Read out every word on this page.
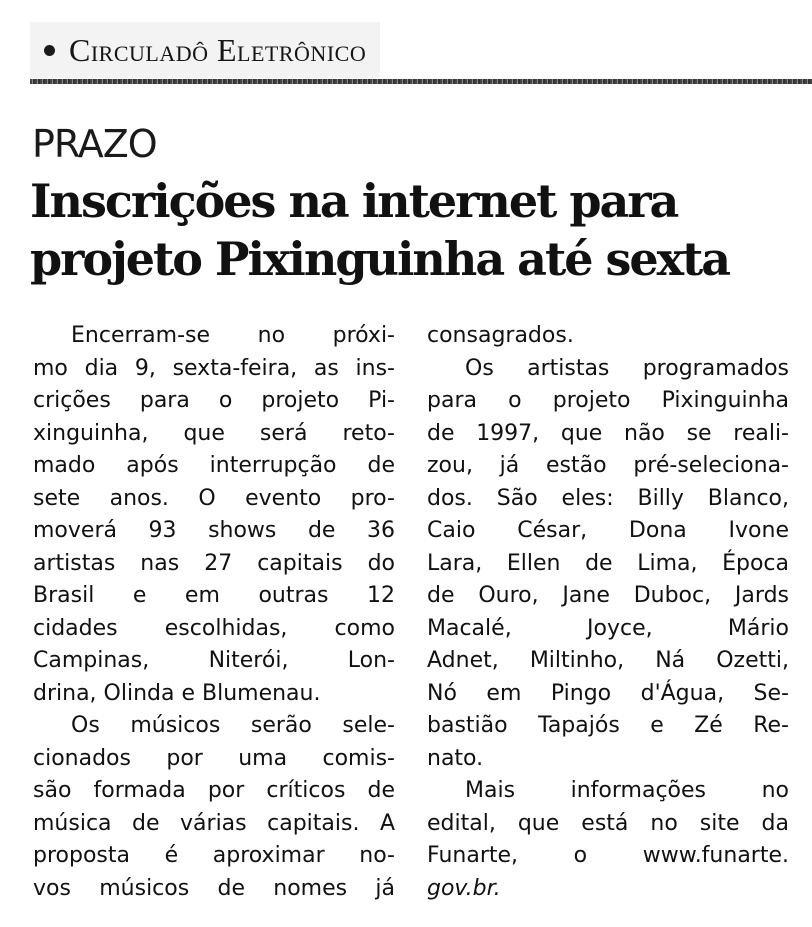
Circuladô Eletrônico
PRAZO
Inscrições na internet para
projeto Pixinguinha até sexta
Encerram-se no próxi-
mo dia 9, sexta-feira, as ins-
crições para o projeto Pi-
xinguinha, que será reto-
mado após interrupção de
sete anos. O evento pro-
moverá 93 shows de 36
artistas nas 27 capitais do
Brasil e em outras 12
cidades escolhidas, como
Campinas, Niterói, Lon-
drina, Olinda e Blumenau.
Os músicos serão sele-
cionados por uma comis-
são formada por críticos de
música de várias capitais. A
proposta é aproximar no-
vos músicos de nomes já
consagrados.
Os artistas programados
para o projeto Pixinguinha
de 1997, que não se reali-
zou, já estão pré-seleciona-
dos. São eles: Billy Blanco,
Caio César, Dona Ivone
Lara, Ellen de Lima, Época
de Ouro, Jane Duboc, Jards
Macalé, Joyce, Mário
Adnet, Miltinho, Ná Ozetti,
Nó em Pingo d'Água, Se-
bastião Tapajós e Zé Re-
nato.
Mais informações no
edital, que está no site da
Funarte, o www.funarte.
gov.br.
